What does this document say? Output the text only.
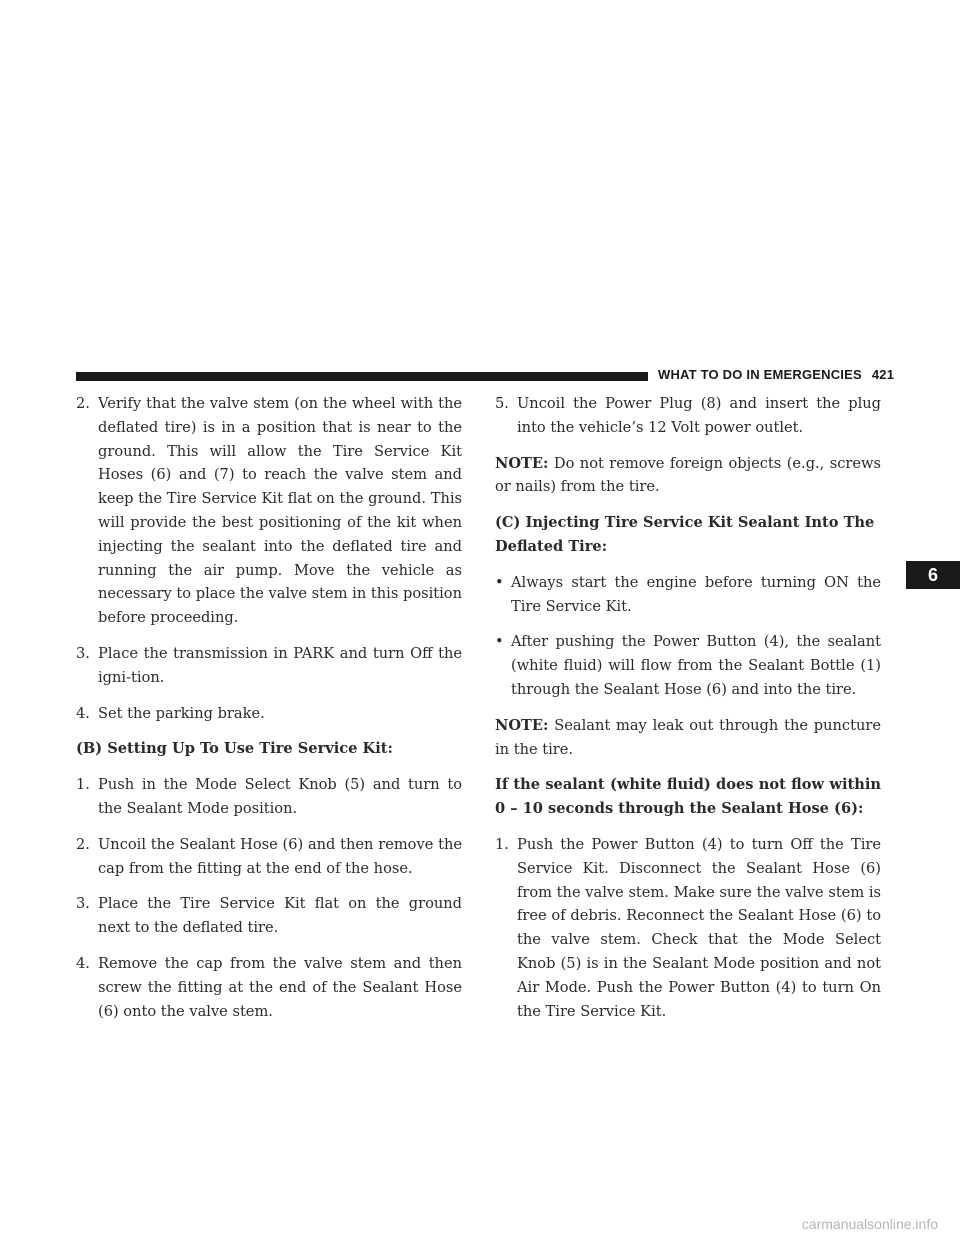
WHAT TO DO IN EMERGENCIES 421
6

2. Verify that the valve stem (on the wheel with the deflated tire) is in a position that is near to the ground. This will allow the Tire Service Kit Hoses (6) and (7) to reach the valve stem and keep the Tire Service Kit flat on the ground. This will provide the best positioning of the kit when injecting the sealant into the deflated tire and running the air pump. Move the vehicle as necessary to place the valve stem in this position before proceeding.

3. Place the transmission in PARK and turn Off the igni-tion.

4. Set the parking brake.

(B) Setting Up To Use Tire Service Kit:

1. Push in the Mode Select Knob (5) and turn to the Sealant Mode position.

2. Uncoil the Sealant Hose (6) and then remove the cap from the fitting at the end of the hose.

3. Place the Tire Service Kit flat on the ground next to the deflated tire.

4. Remove the cap from the valve stem and then screw the fitting at the end of the Sealant Hose (6) onto the valve stem.

5. Uncoil the Power Plug (8) and insert the plug into the vehicle’s 12 Volt power outlet.

NOTE: Do not remove foreign objects (e.g., screws or nails) from the tire.

(C) Injecting Tire Service Kit Sealant Into The Deflated Tire:

• Always start the engine before turning ON the Tire Service Kit.

• After pushing the Power Button (4), the sealant (white fluid) will flow from the Sealant Bottle (1) through the Sealant Hose (6) and into the tire.

NOTE: Sealant may leak out through the puncture in the tire.

If the sealant (white fluid) does not flow within 0 – 10 seconds through the Sealant Hose (6):

1. Push the Power Button (4) to turn Off the Tire Service Kit. Disconnect the Sealant Hose (6) from the valve stem. Make sure the valve stem is free of debris. Reconnect the Sealant Hose (6) to the valve stem. Check that the Mode Select Knob (5) is in the Sealant Mode position and not Air Mode. Push the Power Button (4) to turn On the Tire Service Kit.

carmanualsonline.info
